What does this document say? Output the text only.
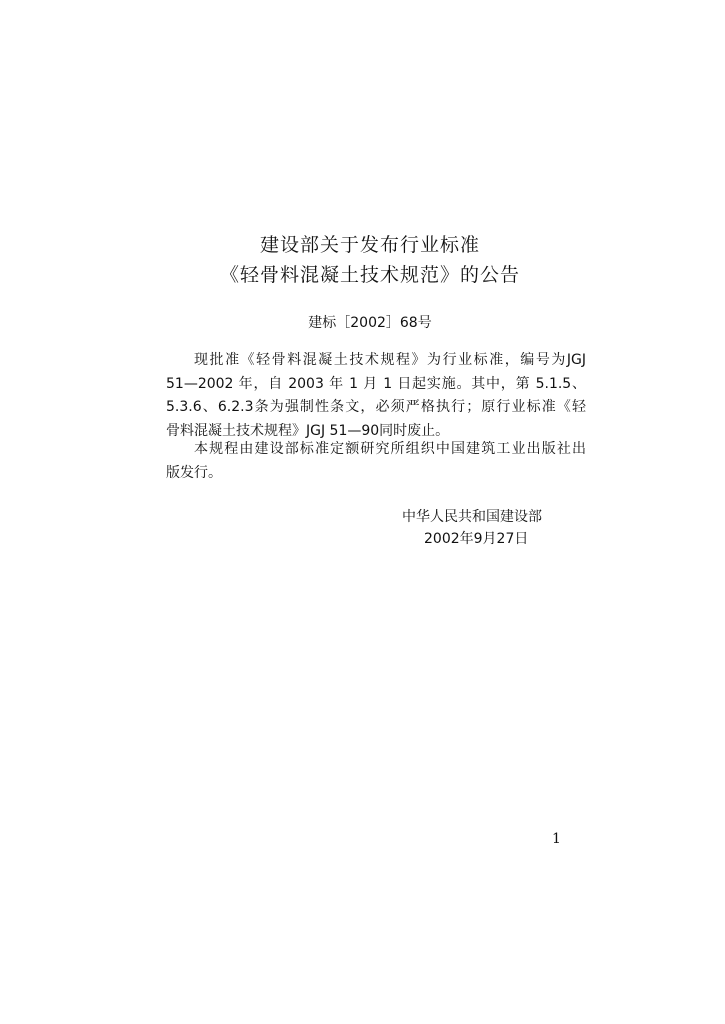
建设部关于发布行业标准
《轻骨料混凝土技术规范》的公告
建标［2002］68号
现批准《轻骨料混凝土技术规程》为行业标准，编号为JGJ
51—2002 年，自 2003 年 1 月 1 日起实施。其中，第 5.1.5、
5.3.6、6.2.3条为强制性条文，必须严格执行；原行业标准《轻
骨料混凝土技术规程》JGJ 51—90同时废止。
本规程由建设部标准定额研究所组织中国建筑工业出版社出
版发行。
中华人民共和国建设部
2002年9月27日
1
